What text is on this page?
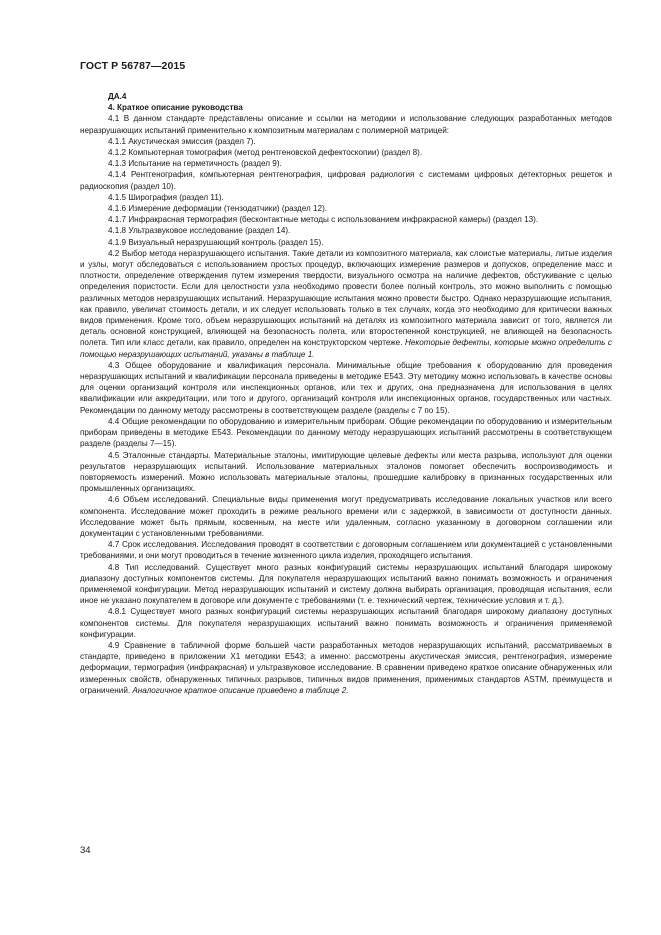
ГОСТ Р 56787—2015
ДА.4
4. Краткое описание руководства

4.1 В данном стандарте представлены описание и ссылки на методики и использование следующих разработанных методов неразрушающих испытаний применительно к композитным материалам с полимерной матрицей:

4.1.1 Акустическая эмиссия (раздел 7).

4.1.2 Компьютерная томография (метод рентгеновской дефектоскопии) (раздел 8).

4.1.3 Испытание на герметичность (раздел 9).

4.1.4 Рентгенография, компьютерная рентгенография, цифровая радиология с системами цифровых детекторных решеток и радиоскопия (раздел 10).

4.1.5 Ширография (раздел 11).

4.1.6 Измерение деформации (тензодатчики) (раздел 12).

4.1.7 Инфракрасная термография (бесконтактные методы с использованием инфракрасной камеры) (раздел 13).

4.1.8 Ультразвуковое исследование (раздел 14).

4.1.9 Визуальный неразрушающий контроль (раздел 15).

4.2 Выбор метода неразрушающего испытания. Такие детали из композитного материала, как слоистые материалы, литые изделия и узлы, могут обследоваться с использованием простых процедур, включающих измерение размеров и допусков, определение масс и плотности, определение отверждения путем измерения твердости, визуального осмотра на наличие дефектов, обстукивание с целью определения пористости. Если для целостности узла необходимо провести более полный контроль, это можно выполнить с помощью различных методов неразрушающих испытаний. Неразрушающие испытания можно провести быстро. Однако неразрушающие испытания, как правило, увеличат стоимость детали, и их следует использовать только в тех случаях, когда это необходимо для критически важных видов применения. Кроме того, объем неразрушающих испытаний на деталях из композитного материала зависит от того, является ли деталь основной конструкцией, влияющей на безопасность полета, или второстепенной конструкцией, не влияющей на безопасность полета. Тип или класс детали, как правило, определен на конструкторском чертеже. Некоторые дефекты, которые можно определить с помощью неразрушающих испытаний, указаны в таблице 1.

4.3 Общее оборудование и квалификация персонала. Минимальные общие требования к оборудованию для проведения неразрушающих испытаний и квалификации персонала приведены в методике E543. Эту методику можно использовать в качестве основы для оценки организаций контроля или инспекционных органов, или тех и других, она предназначена для использования в целях квалификации или аккредитации, или того и другого, организаций контроля или инспекционных органов, государственных или частных. Рекомендации по данному методу рассмотрены в соответствующем разделе (разделы с 7 по 15).

4.4 Общие рекомендации по оборудованию и измерительным приборам. Общие рекомендации по оборудованию и измерительным приборам приведены в методике E543. Рекомендации по данному методу неразрушающих испытаний рассмотрены в соответствующем разделе (разделы 7—15).

4.5 Эталонные стандарты. Материальные эталоны, имитирующие целевые дефекты или места разрыва, используют для оценки результатов неразрушающих испытаний. Использование материальных эталонов помогает обеспечить воспроизводимость и повторяемость измерений. Можно использовать материальные эталоны, прошедшие калибровку в признанных государственных или промышленных организациях.

4.6 Объем исследований. Специальные виды применения могут предусматривать исследование локальных участков или всего компонента. Исследование может проходить в режиме реального времени или с задержкой, в зависимости от доступности данных. Исследование может быть прямым, косвенным, на месте или удаленным, согласно указанному в договорном соглашении или документации с установленными требованиями.

4.7 Срок исследования. Исследования проводят в соответствии с договорным соглашением или документацией с установленными требованиями, и они могут проводиться в течение жизненного цикла изделия, проходящего испытания.

4.8 Тип исследований. Существует много разных конфигураций системы неразрушающих испытаний благодаря широкому диапазону доступных компонентов системы. Для покупателя неразрушающих испытаний важно понимать возможность и ограничения применяемой конфигурации. Метод неразрушающих испытаний и систему должна выбирать организация, проводящая испытания, если иное не указано покупателем в договоре или документе с требованиями (т. е. технический чертеж, технические условия и т. д.).

4.8.1 Существует много разных конфигураций системы неразрушающих испытаний благодаря широкому диапазону доступных компонентов системы. Для покупателя неразрушающих испытаний важно понимать возможность и ограничения применяемой конфигурации.

4.9 Сравнение в табличной форме большей части разработанных методов неразрушающих испытаний, рассматриваемых в стандарте, приведено в приложении Х1 методики E543; а именно: рассмотрены акустическая эмиссия, рентгенография, измерение деформации, термография (инфракрасная) и ультразвуковое исследование. В сравнении приведено краткое описание обнаруженных или измеренных свойств, обнаруженных типичных разрывов, типичных видов применения, применимых стандартов ASTM, преимуществ и ограничений. Аналогичное краткое описание приведено в таблице 2.

34
